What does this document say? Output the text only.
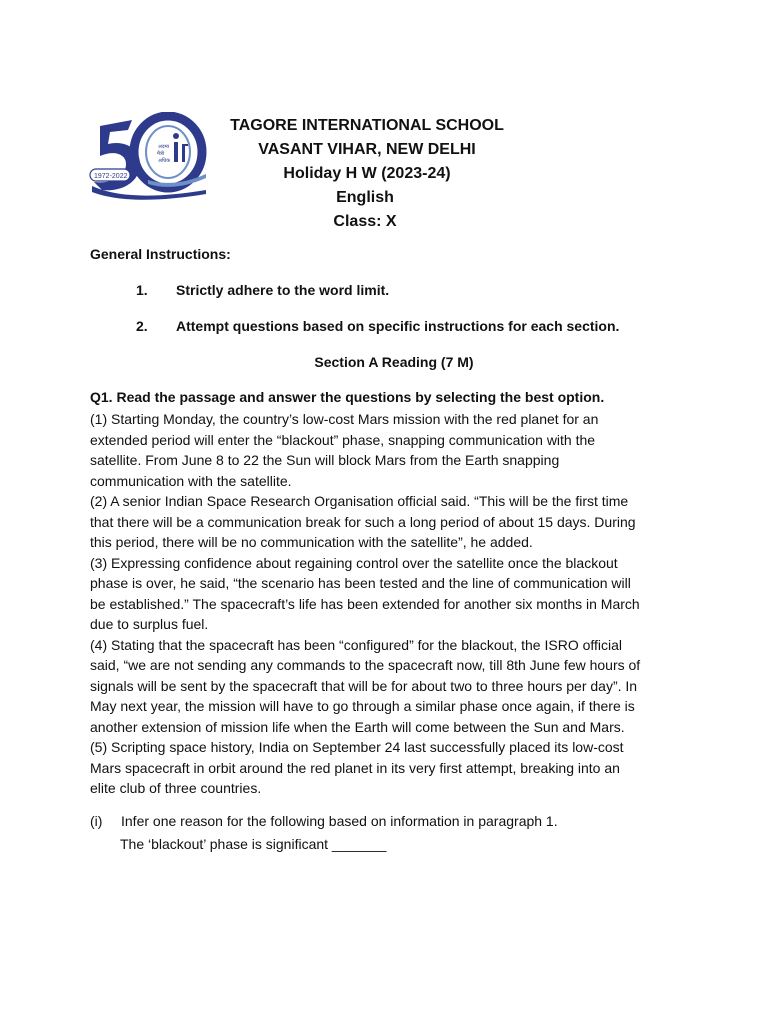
अदम्य
मैत्री
अधिक
1972-2022
TAGORE INTERNATIONAL SCHOOL
VASANT VIHAR, NEW DELHI
Holiday H W (2023-24)
English
Class: X
General Instructions:
1. Strictly adhere to the word limit.
2. Attempt questions based on specific instructions for each section.
Section A Reading (7 M)
Q1. Read the passage and answer the questions by selecting the best option.

(1) Starting Monday, the country’s low-cost Mars mission with the red planet for an extended period will enter the “blackout” phase, snapping communication with the satellite. From June 8 to 22 the Sun will block Mars from the Earth snapping communication with the satellite.

(2) A senior Indian Space Research Organisation official said. “This will be the first time that there will be a communication break for such a long period of about 15 days. During this period, there will be no communication with the satellite”, he added.

(3) Expressing confidence about regaining control over the satellite once the blackout phase is over, he said, “the scenario has been tested and the line of communication will be established.” The spacecraft’s life has been extended for another six months in March due to surplus fuel.

(4) Stating that the spacecraft has been “configured” for the blackout, the ISRO official said, “we are not sending any commands to the spacecraft now, till 8th June few hours of signals will be sent by the spacecraft that will be for about two to three hours per day”. In May next year, the mission will have to go through a similar phase once again, if there is another extension of mission life when the Earth will come between the Sun and Mars.

(5) Scripting space history, India on September 24 last successfully placed its low-cost Mars spacecraft in orbit around the red planet in its very first attempt, breaking into an elite club of three countries.

(i) Infer one reason for the following based on information in paragraph 1.
The ‘blackout’ phase is significant _______
